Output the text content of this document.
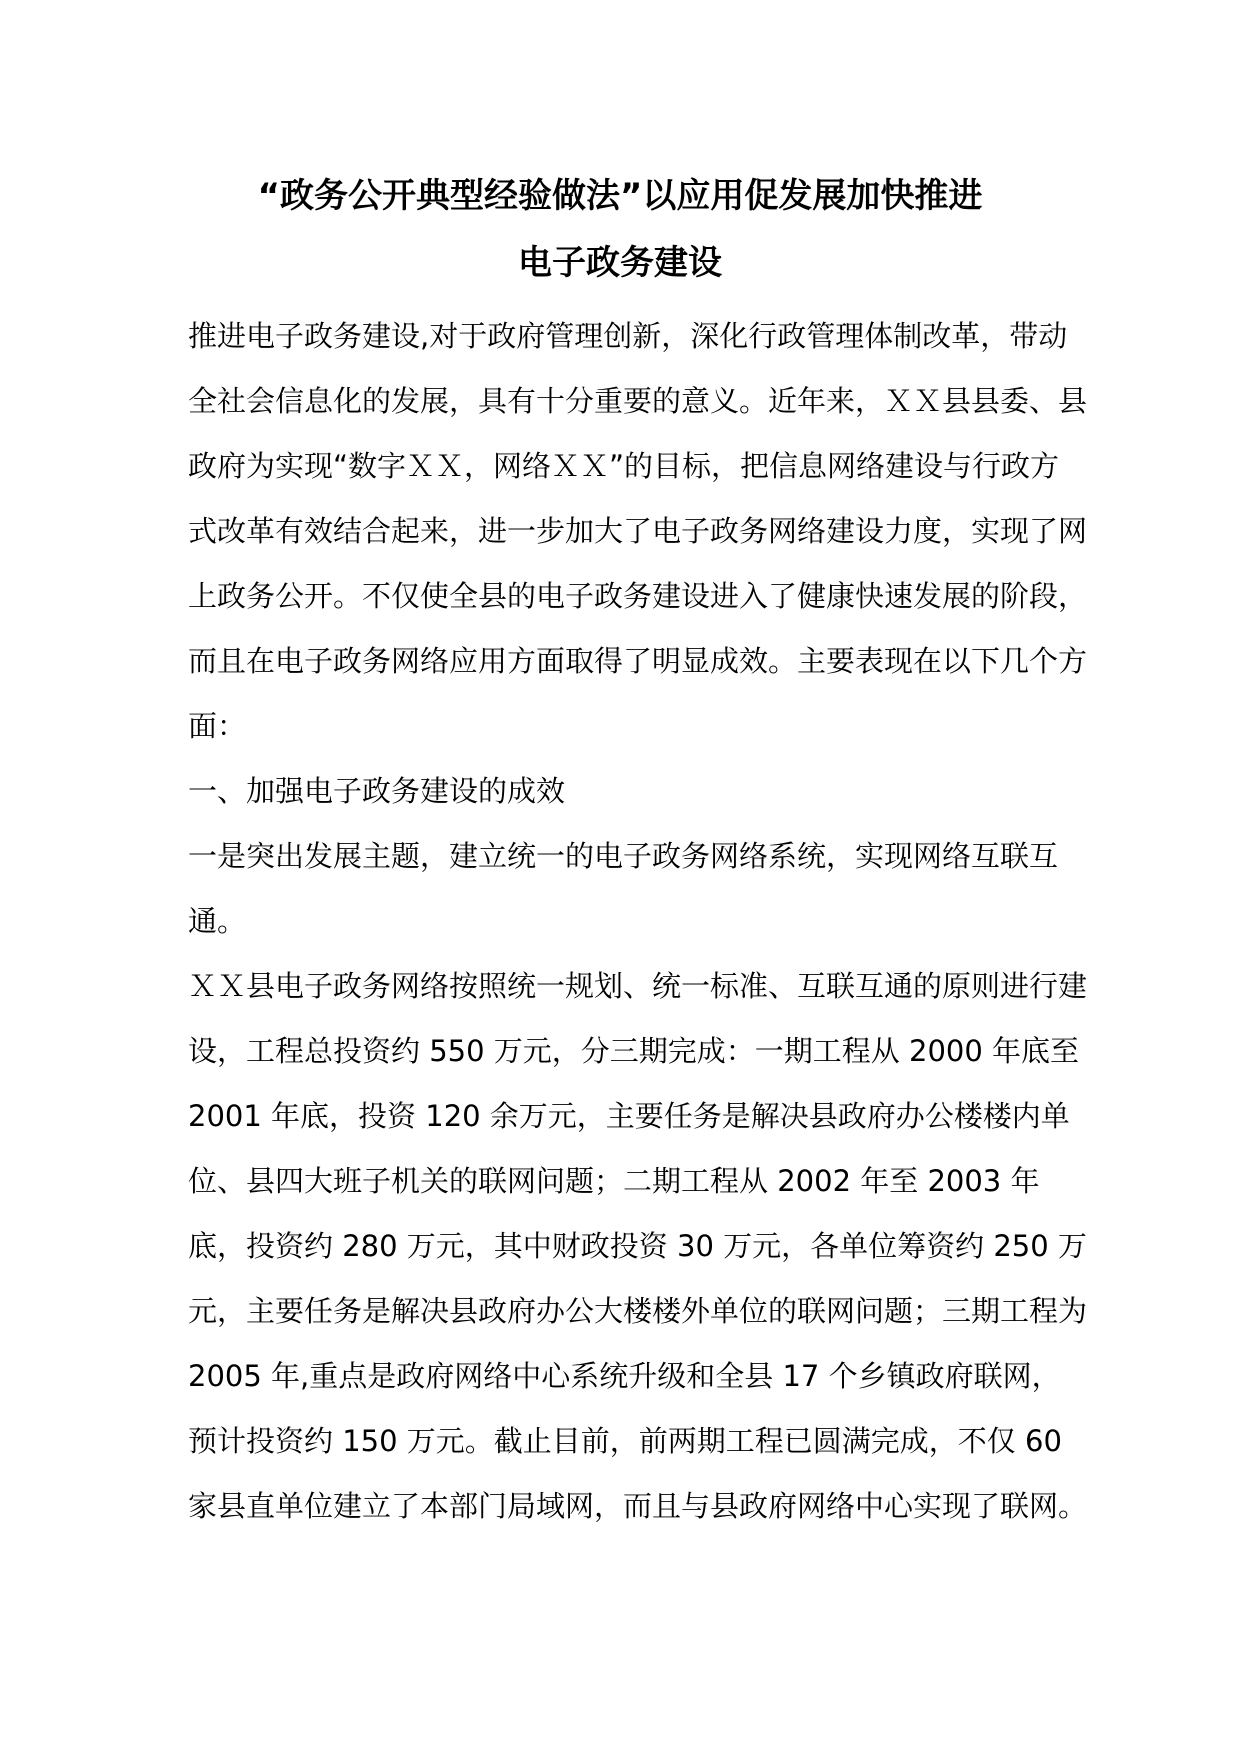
“政务公开典型经验做法”以应用促发展加快推进
电子政务建设

推进电子政务建设,对于政府管理创新，深化行政管理体制改革，带动全社会信息化的发展，具有十分重要的意义。近年来，ＸＸ县县委、县政府为实现“数字ＸＸ，网络ＸＸ”的目标，把信息网络建设与行政方式改革有效结合起来，进一步加大了电子政务网络建设力度，实现了网上政务公开。不仅使全县的电子政务建设进入了健康快速发展的阶段，而且在电子政务网络应用方面取得了明显成效。主要表现在以下几个方面：

一、加强电子政务建设的成效

一是突出发展主题，建立统一的电子政务网络系统，实现网络互联互通。

ＸＸ县电子政务网络按照统一规划、统一标准、互联互通的原则进行建设，工程总投资约 550 万元，分三期完成：一期工程从 2000 年底至 2001 年底，投资 120 余万元，主要任务是解决县政府办公楼楼内单位、县四大班子机关的联网问题；二期工程从 2002 年至 2003 年底，投资约 280 万元，其中财政投资 30 万元，各单位筹资约 250 万元，主要任务是解决县政府办公大楼楼外单位的联网问题；三期工程为 2005 年,重点是政府网络中心系统升级和全县 17 个乡镇政府联网，预计投资约 150 万元。截止目前，前两期工程已圆满完成，不仅 60 家县直单位建立了本部门局域网，而且与县政府网络中心实现了联网。
